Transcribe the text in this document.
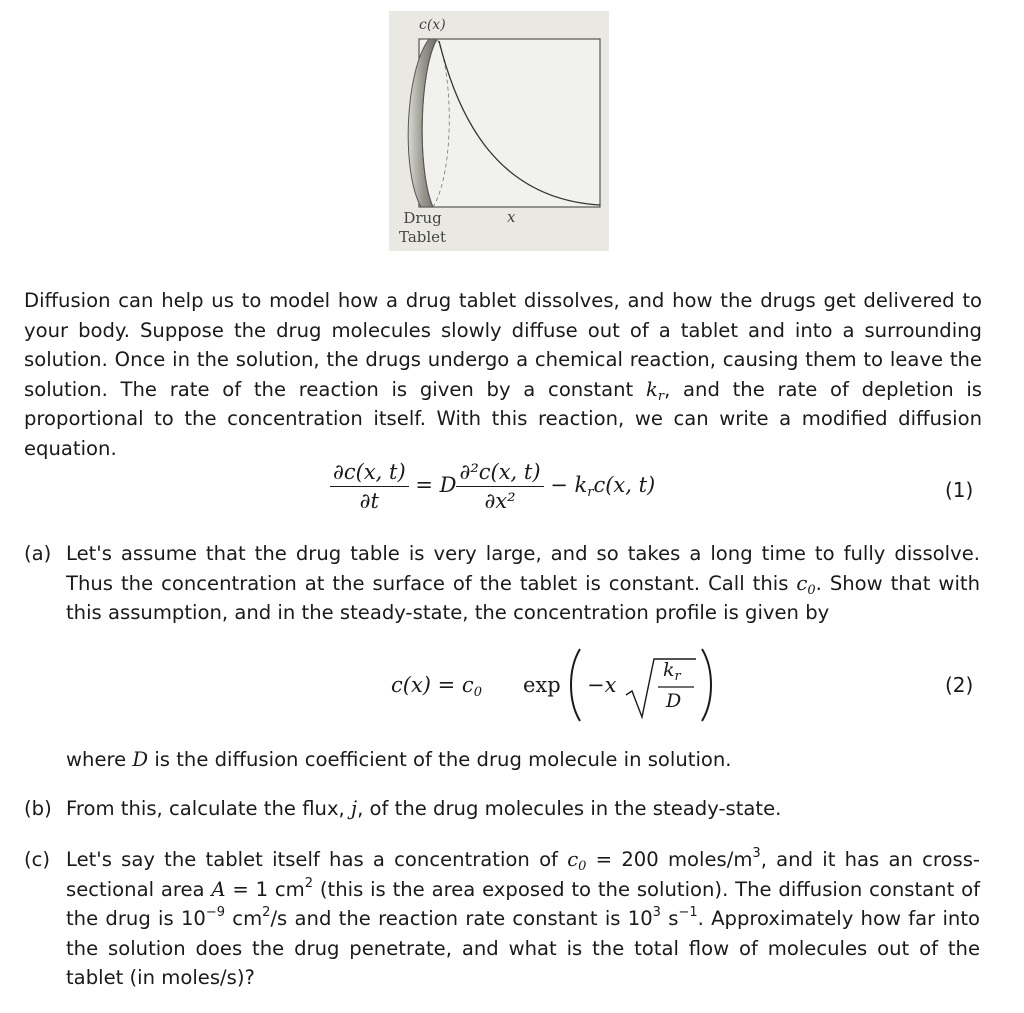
c(x)
x
Drug
Tablet
Diffusion can help us to model how a drug tablet dissolves, and how the drugs get delivered to your body. Suppose the drug molecules slowly diffuse out of a tablet and into a surrounding solution. Once in the solution, the drugs undergo a chemical reaction, causing them to leave the solution. The rate of the reaction is given by a constant $k_r$, and the rate of depletion is proportional to the concentration itself. With this reaction, we can write a modified diffusion equation.
$\frac{\partial c(x, t)}{\partial t} = D \frac{\text{∂²c(x, t)}}{\text{∂x²}} - k_rc(x$, t)	(1)
(a) Let's assume that the drug table is very large, and so takes a long time to fully dissolve. Thus the concentration at the surface of the tablet is constant. Call this $c_0$. Show that with this assumption, and in the steady-state, the concentration profile is given by
$c(x) = c_0$ exp −x
$k_r$
D
(2)
where D is the diffusion coefficient of the drug molecule in solution.
(b) From this, calculate the flux, j, of the drug molecules in the steady-state.
(c) Let's say the tablet itself has a concentration of $c_0 = 200$ moles/$m^3$, and it has an cross-sectional area A = 1 $cm^2$ (this is the area exposed to the solution). The diffusion constant of the drug is $10^{-9}$ $cm^2/s$ and the reaction rate constant is $10^3$ $s^{-1}$. Approximately how far into the solution does the drug penetrate, and what is the total flow of molecules out of the tablet (in moles/s)?
